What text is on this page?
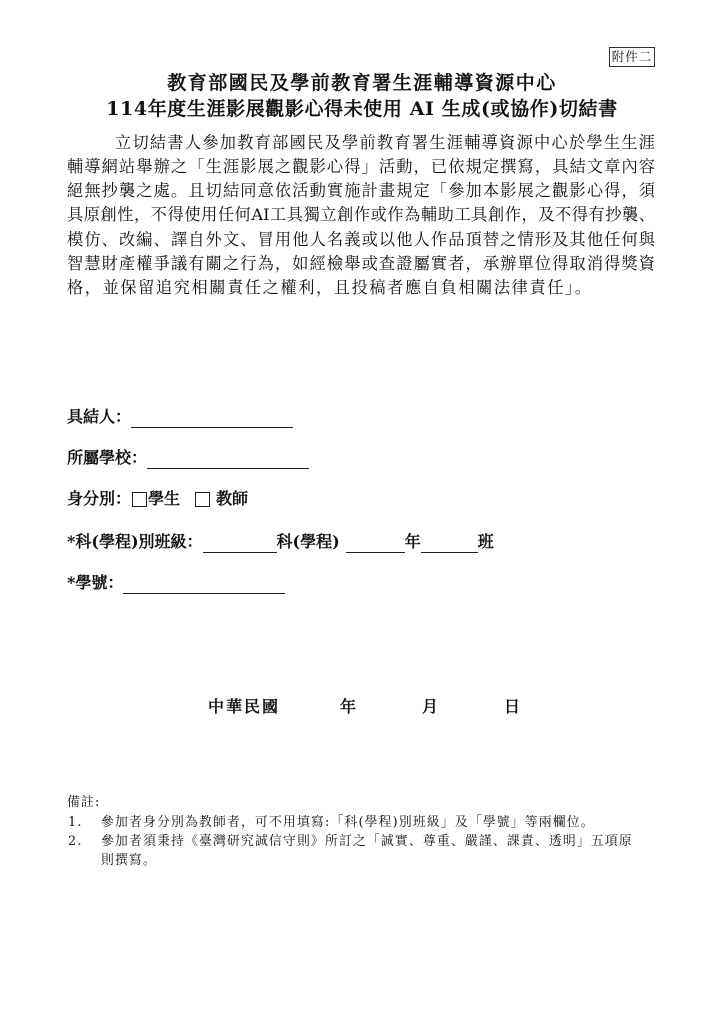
附件二
教育部國民及學前教育署生涯輔導資源中心
114年度生涯影展觀影心得未使用 AI 生成(或協作)切結書
立切結書人參加教育部國民及學前教育署生涯輔導資源中心於學生生涯
輔導網站舉辦之「生涯影展之觀影心得」活動，已依規定撰寫，具結文章內容
絕無抄襲之處。且切結同意依活動實施計畫規定「參加本影展之觀影心得，須
具原創性，不得使用任何AI工具獨立創作或作為輔助工具創作，及不得有抄襲、
模仿、改編、譯自外文、冒用他人名義或以他人作品頂替之情形及其他任何與
智慧財產權爭議有關之行為，如經檢舉或查證屬實者，承辦單位得取消得獎資
格，並保留追究相關責任之權利，且投稿者應自負相關法律責任」。
具結人：
所屬學校：
身分別： 學生 教師
*科(學程)別班級：	科(學程)	年	班
*學號：
中華民國	年	月	日
備註:
1. 參加者身分別為教師者，可不用填寫:「科(學程)別班級」及「學號」等兩欄位。
2. 參加者須秉持《臺灣研究誠信守則》所訂之「誠實、尊重、嚴謹、課責、透明」五項原
則撰寫。
